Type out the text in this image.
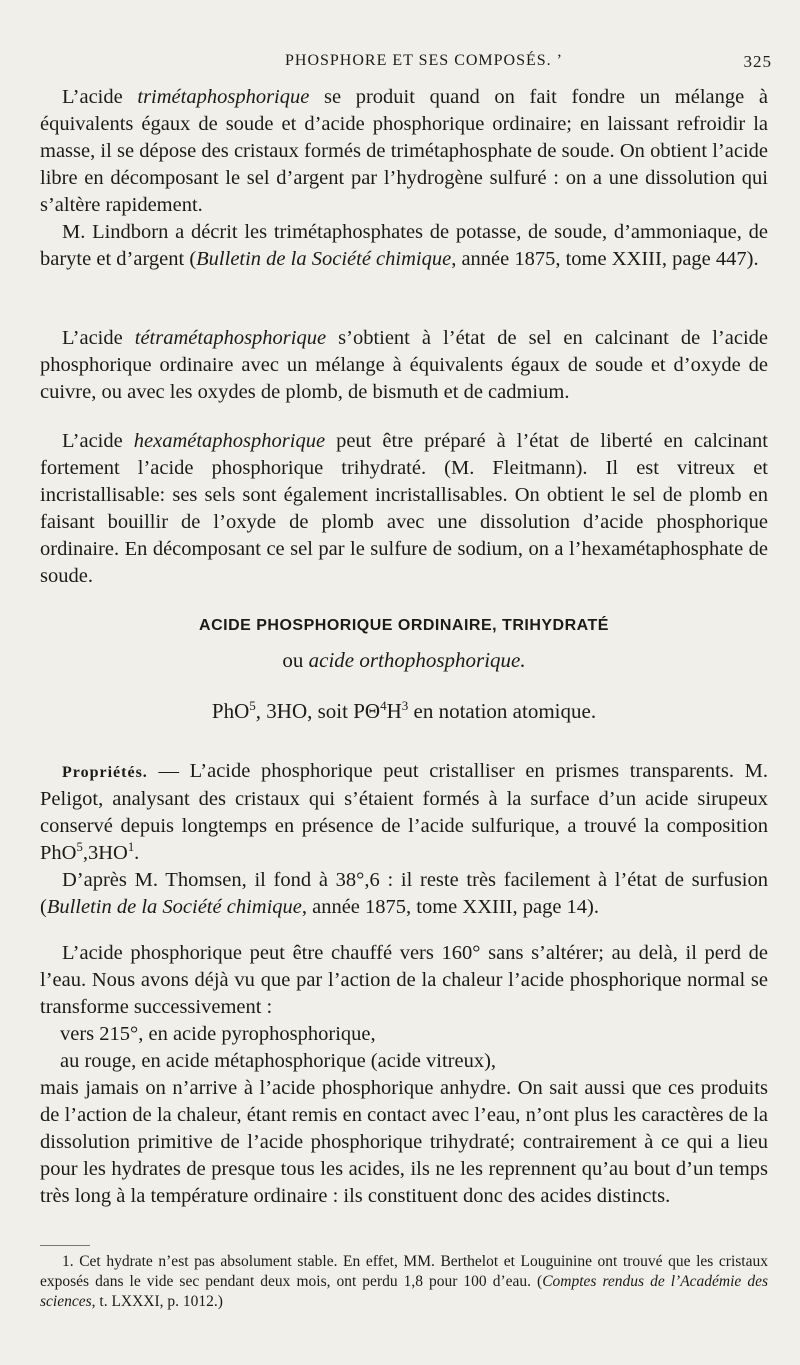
PHOSPHORE ET SES COMPOSÉS. ’	325

L’acide trimétaphosphorique se produit quand on fait fondre un mélange à équivalents égaux de soude et d’acide phosphorique ordinaire; en laissant refroidir la masse, il se dépose des cristaux formés de trimétaphosphate de soude. On obtient l’acide libre en décomposant le sel d’argent par l’hydrogène sulfuré : on a une dissolution qui s’altère rapidement.

M. Lindborn a décrit les trimétaphosphates de potasse, de soude, d’ammoniaque, de baryte et d’argent (Bulletin de la Société chimique, année 1875, tome XXIII, page 447).

L’acide tétramétaphosphorique s’obtient à l’état de sel en calcinant de l’acide phosphorique ordinaire avec un mélange à équivalents égaux de soude et d’oxyde de cuivre, ou avec les oxydes de plomb, de bismuth et de cadmium.

L’acide hexamétaphosphorique peut être préparé à l’état de liberté en calcinant fortement l’acide phosphorique trihydraté. (M. Fleitmann). Il est vitreux et incristallisable: ses sels sont également incristallisables. On obtient le sel de plomb en faisant bouillir de l’oxyde de plomb avec une dissolution d’acide phosphorique ordinaire. En décomposant ce sel par le sulfure de sodium, on a l’hexamétaphosphate de soude.

ACIDE PHOSPHORIQUE ORDINAIRE, TRIHYDRATÉ
ou acide orthophosphorique.
PhO$^5$, 3HO, soit $P\Theta^4H^3$ en notation atomique.

Propriétés. — L’acide phosphorique peut cristalliser en prismes transparents. M. Peligot, analysant des cristaux qui s’étaient formés à la surface d’un acide sirupeux conservé depuis longtemps en présence de l’acide sulfurique, a trouvé la composition $PhO^5,3HO^1$.

D’après M. Thomsen, il fond à 38°,6 : il reste très facilement à l’état de surfusion (Bulletin de la Société chimique, année 1875, tome XXIII, page 14).

L’acide phosphorique peut être chauffé vers 160° sans s’altérer; au delà, il perd de l’eau. Nous avons déjà vu que par l’action de la chaleur l’acide phosphorique normal se transforme successivement :
vers 215°, en acide pyrophosphorique,
au rouge, en acide métaphosphorique (acide vitreux),
mais jamais on n’arrive à l’acide phosphorique anhydre. On sait aussi que ces produits de l’action de la chaleur, étant remis en contact avec l’eau, n’ont plus les caractères de la dissolution primitive de l’acide phosphorique trihydraté; contrairement à ce qui a lieu pour les hydrates de presque tous les acides, ils ne les reprennent qu’au bout d’un temps très long à la température ordinaire : ils constituent donc des acides distincts.

1. Cet hydrate n’est pas absolument stable. En effet, MM. Berthelot et Louguinine ont trouvé que les cristaux exposés dans le vide sec pendant deux mois, ont perdu 1,8 pour 100 d’eau. (Comptes rendus de l’Académie des sciences, t. LXXXI, p. 1012.)
